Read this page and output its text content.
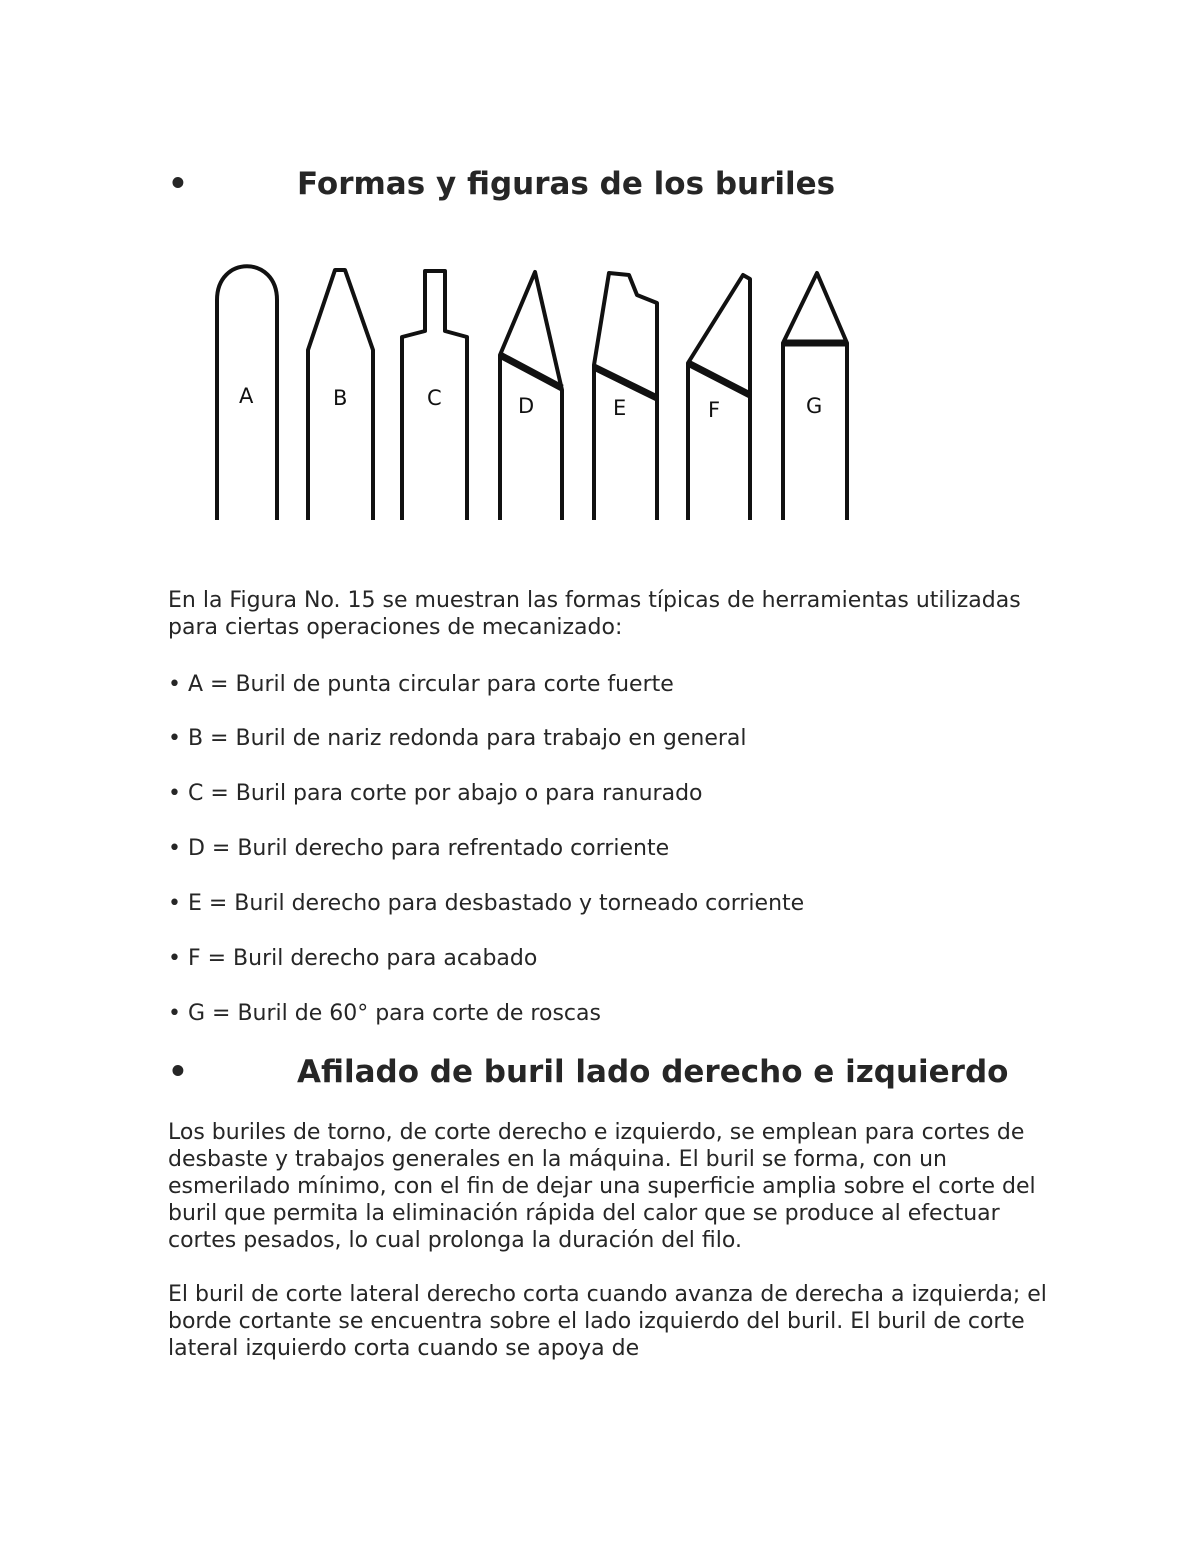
•	Formas y figuras de los buriles
A	B	C	D	E	F	G

En la Figura No. 15 se muestran las formas típicas de herramientas utilizadas para ciertas operaciones de mecanizado:

• A = Buril de punta circular para corte fuerte

• B = Buril de nariz redonda para trabajo en general

• C = Buril para corte por abajo o para ranurado

• D = Buril derecho para refrentado corriente

• E = Buril derecho para desbastado y torneado corriente

• F = Buril derecho para acabado

• G = Buril de 60° para corte de roscas

•	Afilado de buril lado derecho e izquierdo

Los buriles de torno, de corte derecho e izquierdo, se emplean para cortes de desbaste y trabajos generales en la máquina. El buril se forma, con un esmerilado mínimo, con el fin de dejar una superficie amplia sobre el corte del buril que permita la eliminación rápida del calor que se produce al efectuar cortes pesados, lo cual prolonga la duración del filo.

El buril de corte lateral derecho corta cuando avanza de derecha a izquierda; el borde cortante se encuentra sobre el lado izquierdo del buril. El buril de corte lateral izquierdo corta cuando se apoya de
